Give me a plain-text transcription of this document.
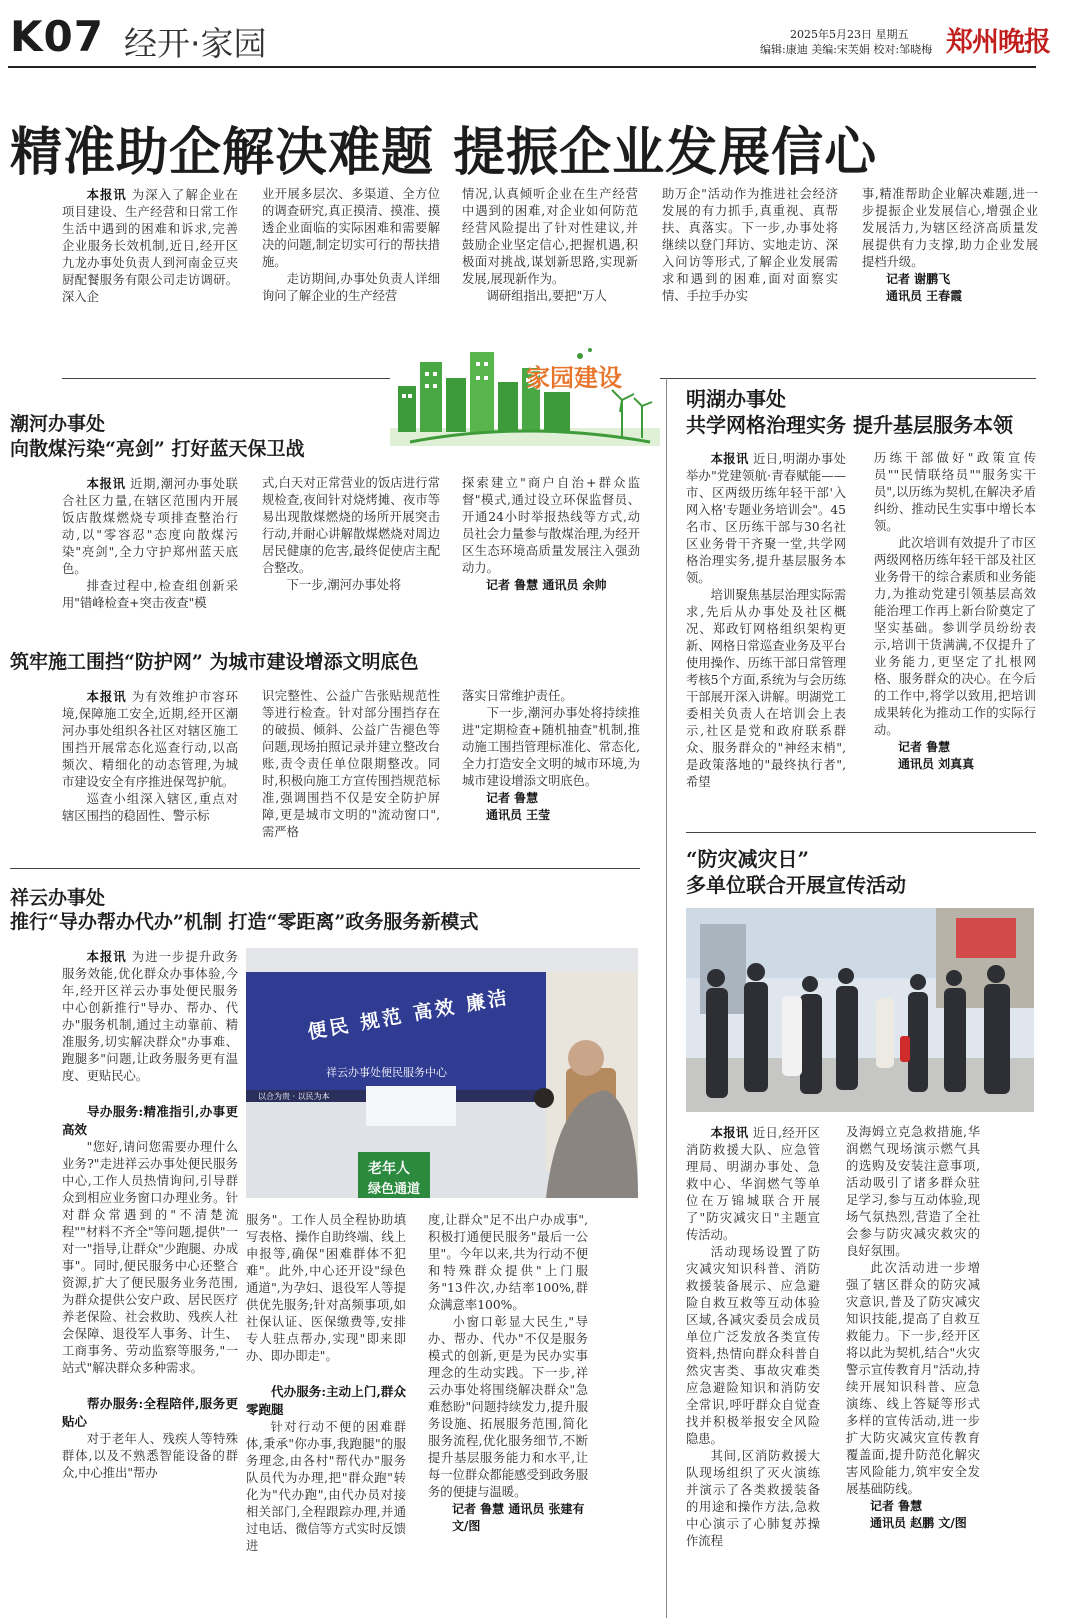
K07 经开·家园	2025年5月23日 星期五
编辑:康迪 美编:宋芙娟 校对:邹晓梅 郑州晚报
精准助企解决难题 提振企业发展信心

本报讯 为深入了解企业在项目建设、生产经营和日常工作生活中遇到的困难和诉求,完善企业服务长效机制,近日,经开区九龙办事处负责人到河南金豆夹厨配餐服务有限公司走访调研。深入企

业开展多层次、多渠道、全方位的调查研究,真正摸清、摸准、摸透企业面临的实际困难和需要解决的问题,制定切实可行的帮扶措施。

走访期间,办事处负责人详细询问了解企业的生产经营

情况,认真倾听企业在生产经营中遇到的困难,对企业如何防范经营风险提出了针对性建议,并鼓励企业坚定信心,把握机遇,积极面对挑战,谋划新思路,实现新发展,展现新作为。

调研组指出,要把"万人

助万企"活动作为推进社会经济发展的有力抓手,真重视、真帮扶、真落实。下一步,办事处将继续以登门拜访、实地走访、深入问访等形式,了解企业发展需求和遇到的困难,面对面察实情、手拉手办实

事,精准帮助企业解决难题,进一步提振企业发展信心,增强企业发展活力,为辖区经济高质量发展提供有力支撑,助力企业发展提档升级。

记者 谢鹏飞

通讯员 王春霞

家园建设
潮河办事处
向散煤污染“亮剑” 打好蓝天保卫战

本报讯 近期,潮河办事处联合社区力量,在辖区范围内开展饭店散煤燃烧专项排查整治行动,以"零容忍"态度向散煤污染"亮剑",全力守护郑州蓝天底色。

排查过程中,检查组创新采用"错峰检查+突击夜查"模

式,白天对正常营业的饭店进行常规检查,夜间针对烧烤摊、夜市等易出现散煤燃烧的场所开展突击行动,并耐心讲解散煤燃烧对周边居民健康的危害,最终促使店主配合整改。

下一步,潮河办事处将

探索建立"商户自治+群众监督"模式,通过设立环保监督员、开通24小时举报热线等方式,动员社会力量参与散煤治理,为经开区生态环境高质量发展注入强劲动力。

记者 鲁慧 通讯员 余帅

筑牢施工围挡“防护网” 为城市建设增添文明底色

本报讯 为有效维护市容环境,保障施工安全,近期,经开区潮河办事处组织各社区对辖区施工围挡开展常态化巡查行动,以高频次、精细化的动态管理,为城市建设安全有序推进保驾护航。

巡查小组深入辖区,重点对辖区围挡的稳固性、警示标

识完整性、公益广告张贴规范性等进行检查。针对部分围挡存在的破损、倾斜、公益广告褪色等问题,现场拍照记录并建立整改台账,责令责任单位限期整改。同时,积极向施工方宣传围挡规范标准,强调围挡不仅是安全防护屏障,更是城市文明的"流动窗口",需严格

落实日常维护责任。

下一步,潮河办事处将持续推进"定期检查+随机抽查"机制,推动施工围挡管理标准化、常态化,全力打造安全文明的城市环境,为城市建设增添文明底色。

记者 鲁慧

通讯员 王莹

祥云办事处
推行“导办帮办代办”机制 打造“零距离”政务服务新模式

本报讯 为进一步提升政务服务效能,优化群众办事体验,今年,经开区祥云办事处便民服务中心创新推行"导办、帮办、代办"服务机制,通过主动靠前、精准服务,切实解决群众"办事难、跑腿多"问题,让政务服务更有温度、更贴民心。

导办服务:精准指引,办事更高效

"您好,请问您需要办理什么业务?"走进祥云办事处便民服务中心,工作人员热情询问,引导群众到相应业务窗口办理业务。针对群众常遇到的"不清楚流程""材料不齐全"等问题,提供"一对一"指导,让群众"少跑腿、办成事"。同时,便民服务中心还整合资源,扩大了便民服务业务范围,为群众提供公安户政、居民医疗养老保险、社会救助、残疾人社会保障、退役军人事务、计生、工商事务、劳动监察等服务,"一站式"解决群众多种需求。

帮办服务:全程陪伴,服务更贴心

对于老年人、残疾人等特殊群体,以及不熟悉智能设备的群众,中心推出"帮办

便民 规范 高效 廉洁
祥云办事处便民服务中心
以合为贵 · 以民为本
老年人
绿色通道

服务"。工作人员全程协助填写表格、操作自助终端、线上申报等,确保"困难群体不犯难"。此外,中心还开设"绿色通道",为孕妇、退役军人等提供优先服务;针对高频事项,如社保认证、医保缴费等,安排专人驻点帮办,实现"即来即办、即办即走"。

代办服务:主动上门,群众零跑腿

针对行动不便的困难群体,秉承"你办事,我跑腿"的服务理念,由各村"帮代办"服务队员代为办理,把"群众跑"转化为"代办跑",由代办员对接相关部门,全程跟踪办理,并通过电话、微信等方式实时反馈进

度,让群众"足不出户办成事",积极打通便民服务"最后一公里"。今年以来,共为行动不便和特殊群众提供"上门服务"13件次,办结率100%,群众满意率100%。

小窗口彰显大民生,"导办、帮办、代办"不仅是服务模式的创新,更是为民办实事理念的生动实践。下一步,祥云办事处将围绕解决群众"急难愁盼"问题持续发力,提升服务设施、拓展服务范围,简化服务流程,优化服务细节,不断提升基层服务能力和水平,让每一位群众都能感受到政务服务的便捷与温暖。

记者 鲁慧 通讯员 张建有

文/图

明湖办事处
共学网格治理实务 提升基层服务本领

本报讯 近日,明湖办事处举办"党建领航·青春赋能——市、区两级历练年轻干部'入网入格'专题业务培训会"。45名市、区历练干部与30名社区业务骨干齐聚一堂,共学网格治理实务,提升基层服务本领。

培训聚焦基层治理实际需求,先后从办事处及社区概况、郑政钉网格组织架构更新、网格日常巡查业务及平台使用操作、历练干部日常管理考核5个方面,系统为与会历练干部展开深入讲解。明湖党工委相关负责人在培训会上表示,社区是党和政府联系群众、服务群众的"神经末梢",是政策落地的"最终执行者",希望

历练干部做好"政策宣传员""民情联络员""服务实干员",以历练为契机,在解决矛盾纠纷、推动民生实事中增长本领。

此次培训有效提升了市区两级网格历练年轻干部及社区业务骨干的综合素质和业务能力,为推动党建引领基层高效能治理工作再上新台阶奠定了坚实基础。参训学员纷纷表示,培训干货满满,不仅提升了业务能力,更坚定了扎根网格、服务群众的决心。在今后的工作中,将学以致用,把培训成果转化为推动工作的实际行动。

记者 鲁慧

通讯员 刘真真

“防灾减灾日”
多单位联合开展宣传活动

本报讯 近日,经开区消防救援大队、应急管理局、明湖办事处、急救中心、华润燃气等单位在万锦城联合开展了"防灾减灾日"主题宣传活动。

活动现场设置了防灾减灾知识科普、消防救援装备展示、应急避险自救互救等互动体验区域,各减灾委员会成员单位广泛发放各类宣传资料,热情向群众科普自然灾害类、事故灾难类应急避险知识和消防安全常识,呼吁群众自觉查找并积极举报安全风险隐患。

其间,区消防救援大队现场组织了灭火演练并演示了各类救援装备的用途和操作方法,急救中心演示了心肺复苏操作流程

及海姆立克急救措施,华润燃气现场演示燃气具的选购及安装注意事项,活动吸引了诸多群众驻足学习,参与互动体验,现场气氛热烈,营造了全社会参与防灾减灾救灾的良好氛围。

此次活动进一步增强了辖区群众的防灾减灾意识,普及了防灾减灾知识技能,提高了自救互救能力。下一步,经开区将以此为契机,结合"火灾警示宣传教育月"活动,持续开展知识科普、应急演练、线上答疑等形式多样的宣传活动,进一步扩大防灾减灾宣传教育覆盖面,提升防范化解灾害风险能力,筑牢安全发展基础防线。

记者 鲁慧

通讯员 赵鹏 文/图
